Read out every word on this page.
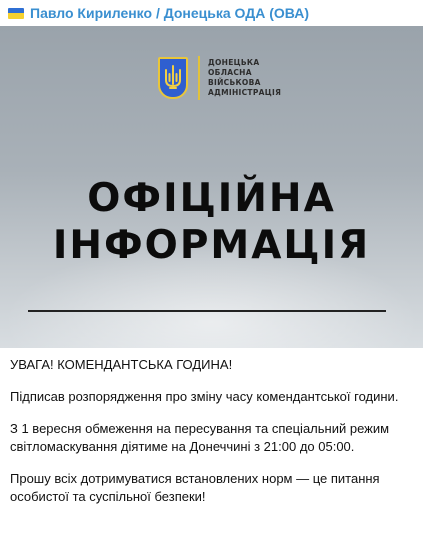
Павло Кириленко / Донецька ОДА (ОВА)
ДОНЕЦЬКА
ОБЛАСНА
ВІЙСЬКОВА
АДМІНІСТРАЦІЯ
ОФІЦІЙНА
ІНФОРМАЦІЯ

УВАГА! КОМЕНДАНТСЬКА ГОДИНА!

Підписав розпорядження про зміну часу комендантської години.

З 1 вересня обмеження на пересування та спеціальний режим світломаскування діятиме на Донеччині з 21:00 до 05:00.

Прошу всіх дотримуватися встановлених норм — це питання особистої та суспільної безпеки!
